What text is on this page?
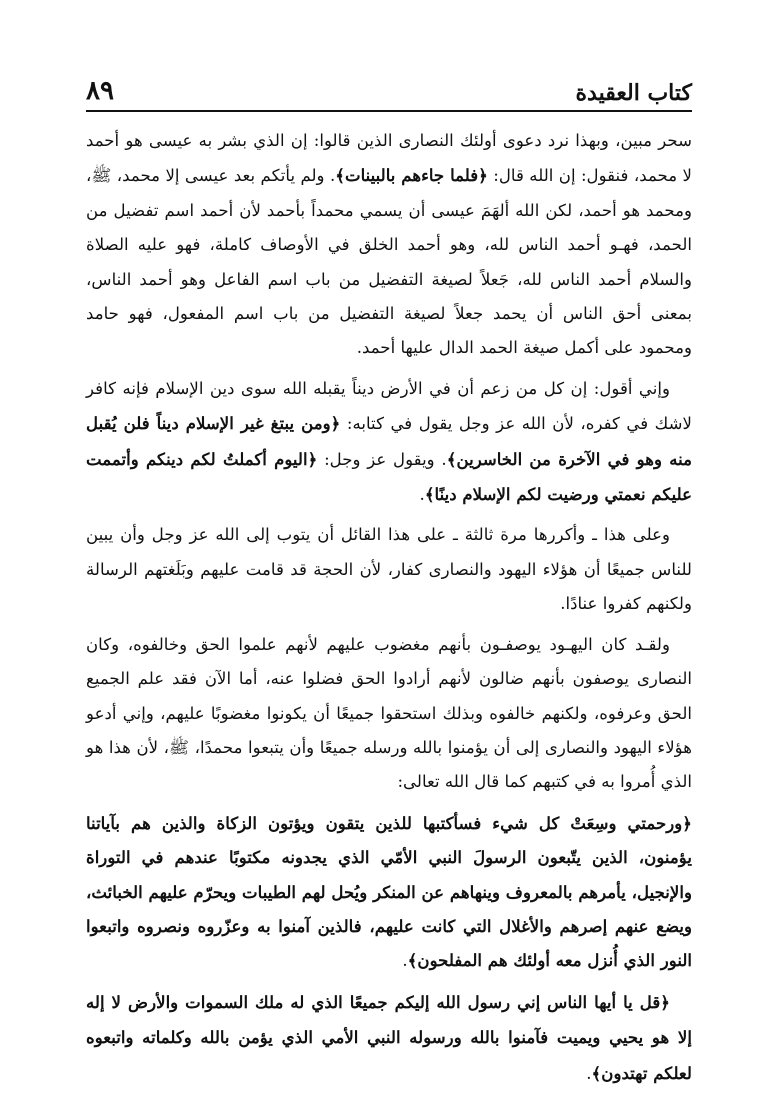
كتاب العقيدة
٨٩

سحر مبين، وبهذا نرد دعوى أولئك النصارى الذين قالوا: إن الذي بشر به عيسى هو أحمد لا محمد، فنقول: إن الله قال: ﴿فلما جاءهم بالبينات﴾. ولم يأتكم بعد عيسى إلا محمد، ﷺ، ومحمد هو أحمد، لكن الله ألهَمَ عيسى أن يسمي محمداً بأحمد لأن أحمد اسم تفضيل من الحمد، فهـو أحمد الناس لله، وهو أحمد الخلق في الأوصاف كاملة، فهو عليه الصلاة والسلام أحمد الناس لله، جَعلاً لصيغة التفضيل من باب اسم الفاعل وهو أحمد الناس، بمعنى أحق الناس أن يحمد جعلاً لصيغة التفضيل من باب اسم المفعول، فهو حامد ومحمود على أكمل صيغة الحمد الدال عليها أحمد.

وإني أقول: إن كل من زعم أن في الأرض ديناً يقبله الله سوى دين الإسلام فإنه كافر لاشك في كفره، لأن الله عز وجل يقول في كتابه: ﴿ومن يبتغ غير الإسلام ديناً فلن يُقبل منه وهو في الآخرة من الخاسرين﴾. ويقول عز وجل: ﴿اليوم أكملتُ لكم دينكم وأتممت عليكم نعمتي ورضيت لكم الإسلام دينًا﴾.

وعلى هذا ـ وأكررها مرة ثالثة ـ على هذا القائل أن يتوب إلى الله عز وجل وأن يبين للناس جميعًا أن هؤلاء اليهود والنصارى كفار، لأن الحجة قد قامت عليهم وبَلَغتهم الرسالة ولكنهم كفروا عنادًا.

ولقـد كان اليهـود يوصفـون بأنهم مغضوب عليهم لأنهم علموا الحق وخالفوه، وكان النصارى يوصفون بأنهم ضالون لأنهم أرادوا الحق فضلوا عنه، أما الآن فقد علم الجميع الحق وعرفوه، ولكنهم خالفوه وبذلك استحقوا جميعًا أن يكونوا مغضوبًا عليهم، وإني أدعو هؤلاء اليهود والنصارى إلى أن يؤمنوا بالله ورسله جميعًا وأن يتبعوا محمدًا، ﷺ، لأن هذا هو الذي أُمروا به في كتبهم كما قال الله تعالى:

﴿ورحمتي وسِعَتْ كل شيء فسأكتبها للذين يتقون ويؤتون الزكاة والذين هم بآياتنا يؤمنون، الذين يتّبعون الرسولَ النبي الأمّي الذي يجدونه مكتوبًا عندهم في التوراة والإنجيل، يأمرهم بالمعروف وينهاهم عن المنكر ويُحل لهم الطيبات ويحرّم عليهم الخبائث، ويضع عنهم إصرهم والأغلال التي كانت عليهم، فالذين آمنوا به وعزّروه ونصروه واتبعوا النور الذي أُنزل معه أولئك هم المفلحون﴾.

﴿قل يا أيها الناس إني رسول الله إليكم جميعًا الذي له ملك السموات والأرض لا إله إلا هو يحيي ويميت فآمنوا بالله ورسوله النبي الأمي الذي يؤمن بالله وكلماته واتبعوه لعلكم تهتدون﴾.
